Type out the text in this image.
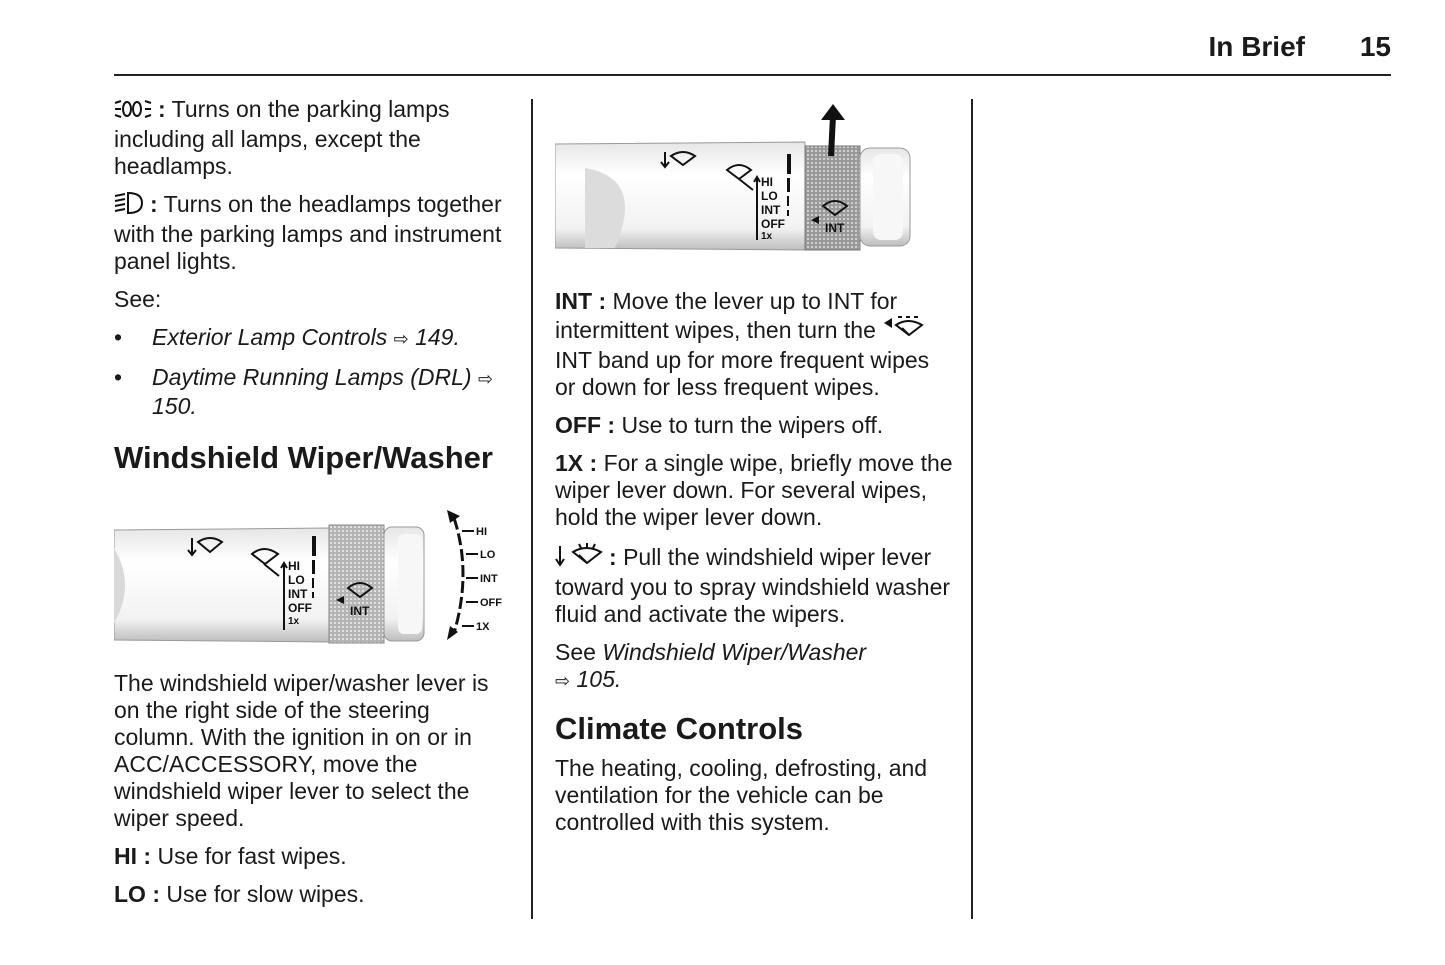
In Brief 15

: Turns on the parking lamps including all lamps, except the headlamps.

: Turns on the headlamps together with the parking lamps and instrument panel lights.

See:

• Exterior Lamp Controls ⇨ 149.
• Daytime Running Lamps (DRL) ⇨ 150.
Windshield Wiper/Washer
HI
LO
INT
OFF
1x
INT
HI
LO
INT
OFF
1X

The windshield wiper/washer lever is on the right side of the steering column. With the ignition in on or in ACC/ACCESSORY, move the windshield wiper lever to select the wiper speed.

HI : Use for fast wipes.

LO : Use for slow wipes.

HI
LO
INT
OFF
1x
INT

INT : Move the lever up to INT for intermittent wipes, then turn the  INT band up for more frequent wipes or down for less frequent wipes.

OFF : Use to turn the wipers off.

1X : For a single wipe, briefly move the wiper lever down. For several wipes, hold the wiper lever down.

: Pull the windshield wiper lever toward you to spray windshield washer fluid and activate the wipers.

See Windshield Wiper/Washer
⇨ 105.

Climate Controls

The heating, cooling, defrosting, and ventilation for the vehicle can be controlled with this system.
